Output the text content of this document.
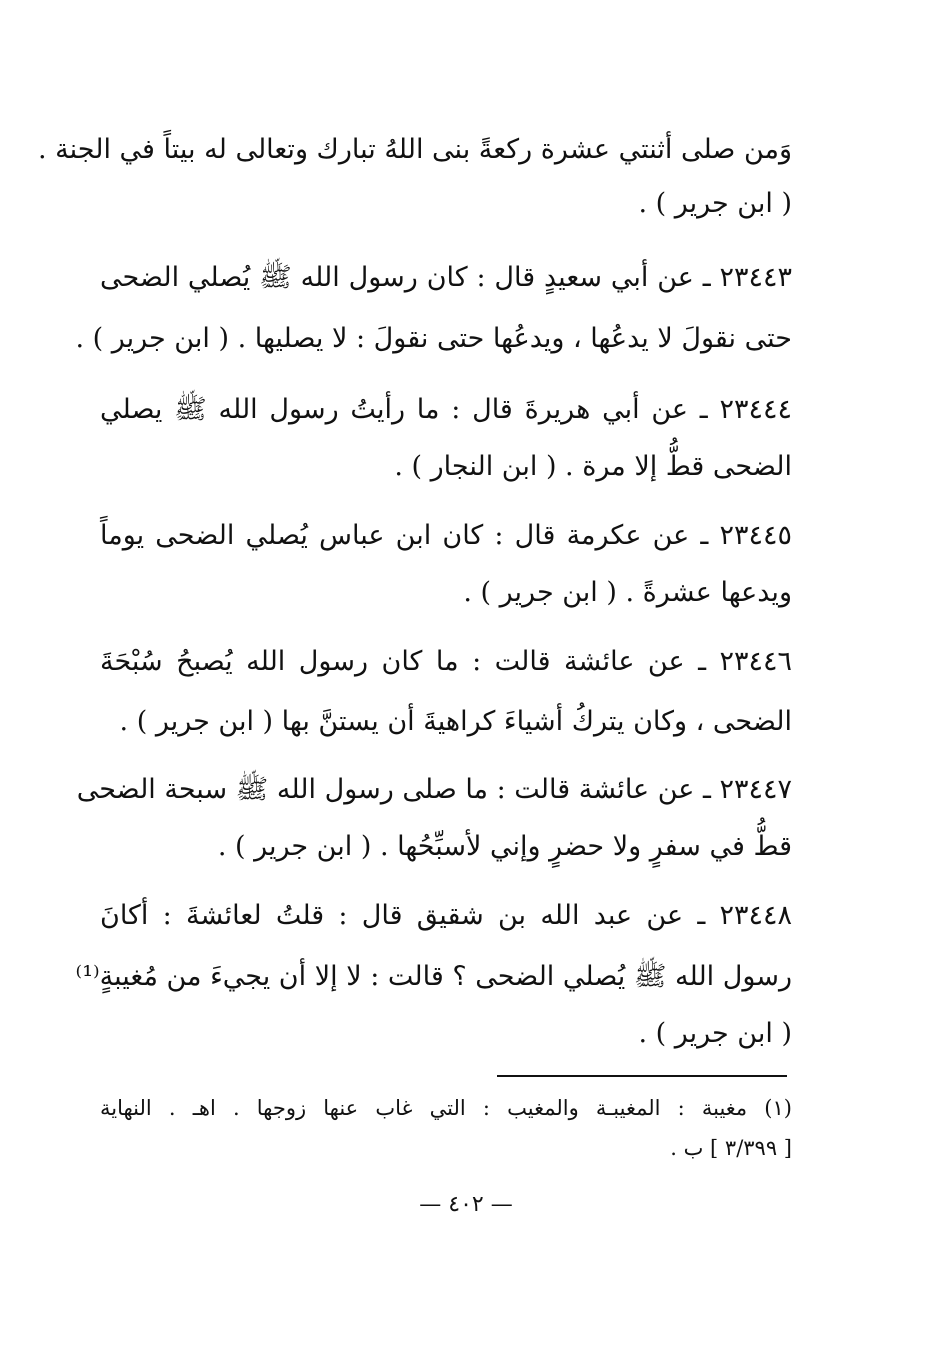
وَمن صلى أثنتي عشرة ركعةً بنى اللهُ تبارك وتعالى له بيتاً في الجنة .
( ابن جرير ) .
٢٣٤٤٣ ـ عن أبي سعيدٍ قال : كان رسول الله ﷺ يُصلي الضحى
حتى نقولَ لا يدعُها ، ويدعُها حتى نقولَ : لا يصليها . ( ابن جرير ) .
٢٣٤٤٤ ـ عن أبي هريرةَ قال : ما رأيتُ رسول الله ﷺ يصلي
الضحى قطُّ إلا مرة . ( ابن النجار ) .
٢٣٤٤٥ ـ عن عكرمة قال : كان ابن عباس يُصلي الضحى يوماً
ويدعها عشرةً . ( ابن جرير ) .
٢٣٤٤٦ ـ عن عائشة قالت : ما كان رسول الله يُصبحُ سُبْحَةَ
الضحى ، وكان يتركُ أشياءَ كراهيةَ أن يستنَّ بها ( ابن جرير ) .
٢٣٤٤٧ ـ عن عائشة قالت : ما صلى رسول الله ﷺ سبحة الضحى
قطُّ في سفرٍ ولا حضرٍ وإني لأسبِّحُها . ( ابن جرير ) .
٢٣٤٤٨ ـ عن عبد الله بن شقيق قال : قلتُ لعائشةَ : أكانَ
رسول الله ﷺ يُصلي الضحى ؟ قالت : لا إلا أن يجيءَ من مُغيبةٍ⁽¹⁾
( ابن جرير ) .
(١) مغيبة : المغيبـة والمغيب : التي غاب عنها زوجها . اهـ . النهاية
[ ٣/٣٩٩ ] ب .
— ٤٠٢ —
